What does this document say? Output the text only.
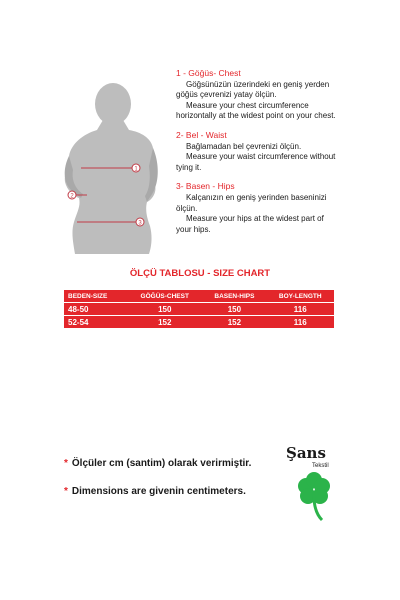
1
2
3
1 - Göğüs- Chest
Göğsünüzün üzerindeki en geniş yerden
göğüs çevrenizi yatay ölçün.
Measure your chest circumference
horizontally at the widest point on your chest.
2- Bel - Waist
Bağlamadan bel çevrenizi ölçün.
Measure your waist circumference without
tying it.
3- Basen - Hips
Kalçanızın en geniş yerinden baseninizi
ölçün.
Measure your hips at the widest part of
your hips.
ÖLÇÜ TABLOSU - SIZE CHART
BEDEN-SIZE	GÖĞÜS-CHEST	BASEN-HIPS	BOY-LENGTH
48-50	150	150	116
52-54	152	152	116
* Ölçüler cm (santim) olarak verirmiştir.
* Dimensions are givenin centimeters.
Şans
Tekstil
